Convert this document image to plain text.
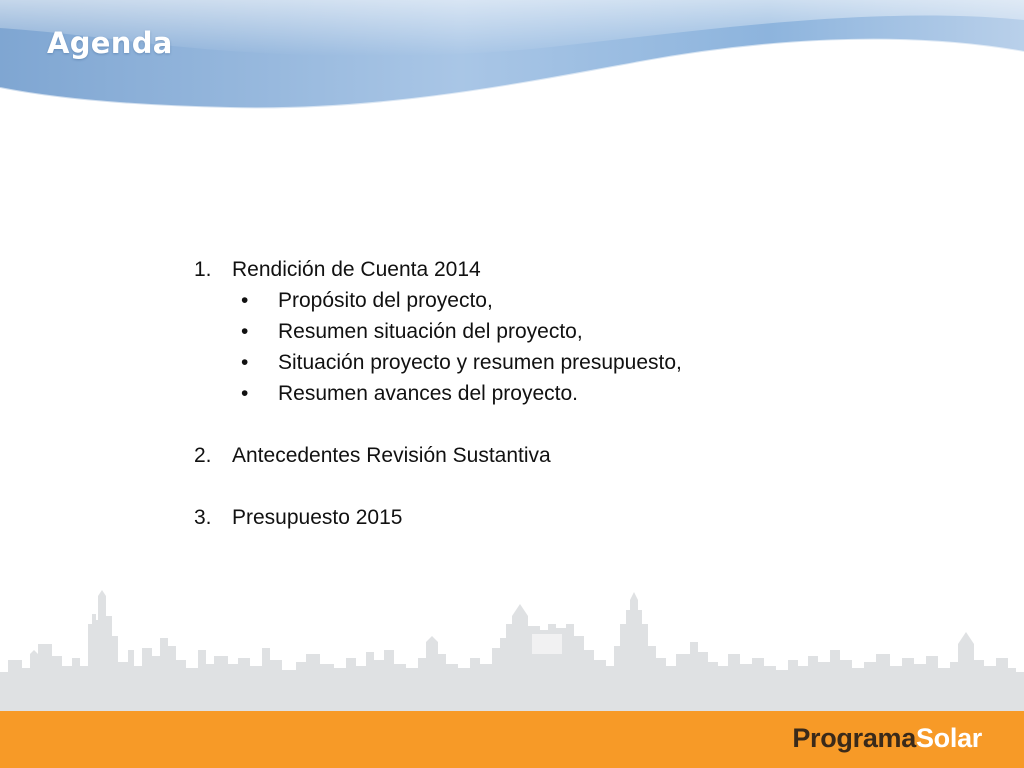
Agenda
1. Rendición de Cuenta 2014
•	Propósito del proyecto,
•	Resumen situación del proyecto,
•	Situación proyecto y resumen presupuesto,
•	Resumen avances del proyecto.
2. Antecedentes Revisión Sustantiva
3. Presupuesto 2015
ProgramaSolar
